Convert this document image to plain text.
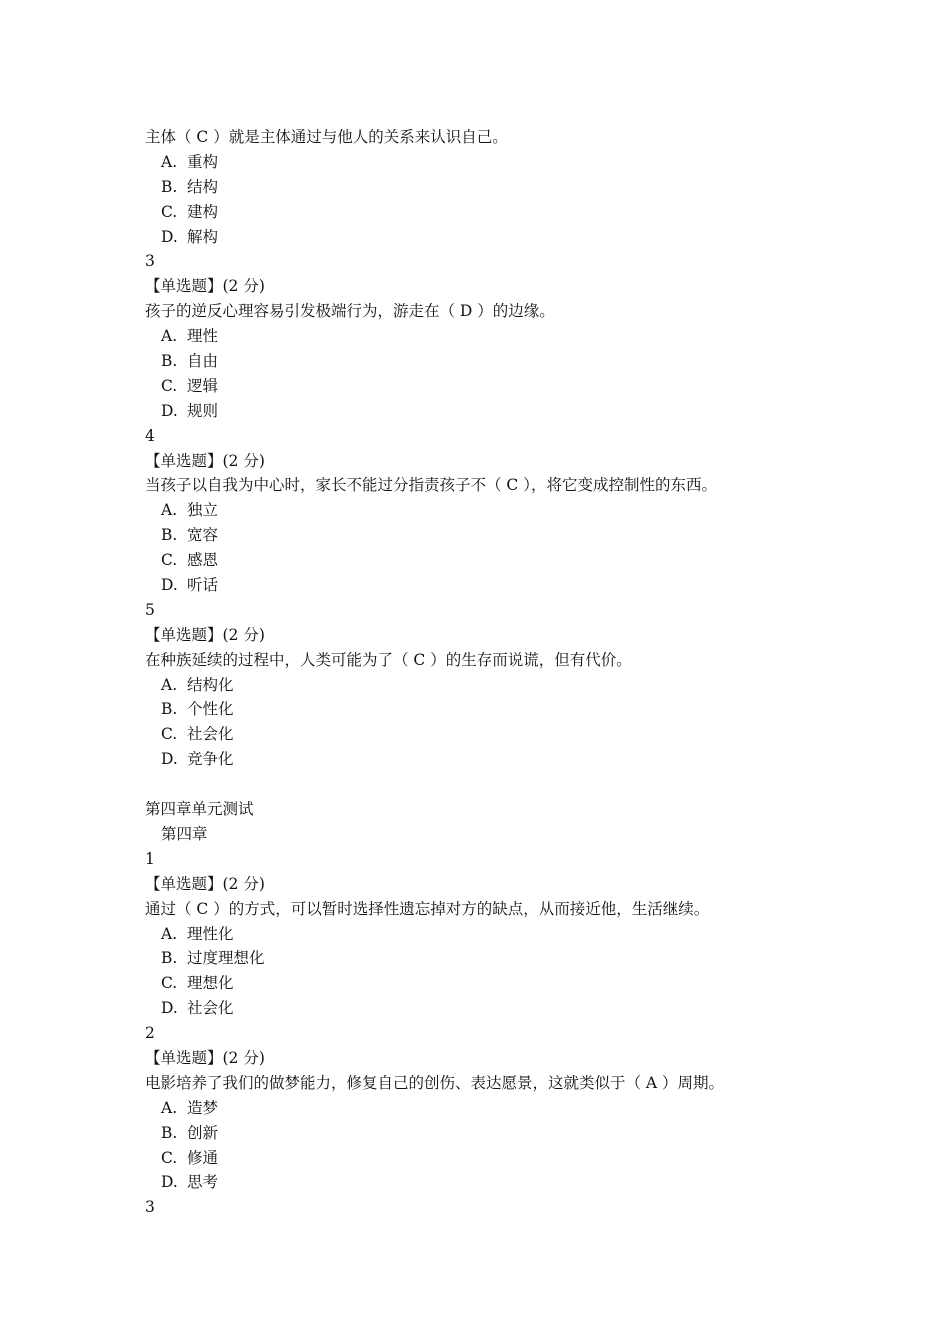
主体（ C ）就是主体通过与他人的关系来认识自己。
A. 重构
B. 结构
C. 建构
D. 解构
3
【单选题】(2 分)
孩子的逆反心理容易引发极端行为，游走在（ D ）的边缘。
A. 理性
B. 自由
C. 逻辑
D. 规则
4
【单选题】(2 分)
当孩子以自我为中心时，家长不能过分指责孩子不（ C ），将它变成控制性的东西。
A. 独立
B. 宽容
C. 感恩
D. 听话
5
【单选题】(2 分)
在种族延续的过程中，人类可能为了（ C ）的生存而说谎，但有代价。
A. 结构化
B. 个性化
C. 社会化
D. 竞争化
第四章单元测试
第四章
1
【单选题】(2 分)
通过（ C ）的方式，可以暂时选择性遗忘掉对方的缺点，从而接近他，生活继续。
A. 理性化
B. 过度理想化
C. 理想化
D. 社会化
2
【单选题】(2 分)
电影培养了我们的做梦能力，修复自己的创伤、表达愿景，这就类似于（ A ）周期。
A. 造梦
B. 创新
C. 修通
D. 思考
3
